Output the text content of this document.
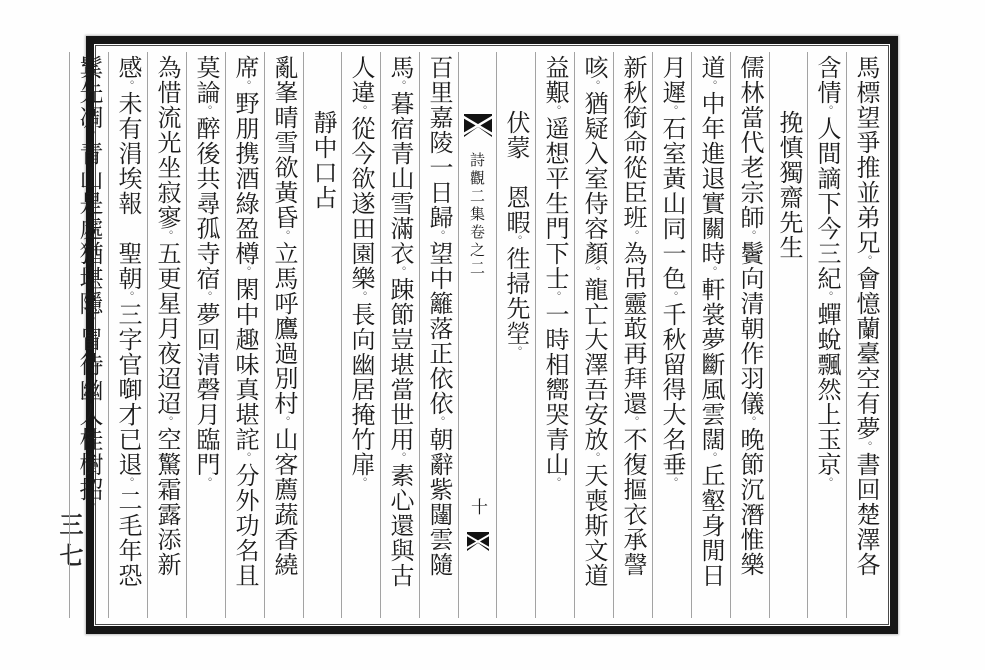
三七
馬標望爭推並弟兄。會憶蘭臺空有夢。書回楚澤各
含情。人間謫下今三紀。蟬蛻飄然上玉京。
挽慎獨齋先生
儒林當代老宗師。鬢向清朝作羽儀。晚節沉潛惟樂
道。中年進退實關時。軒裳夢斷風雲闊。丘壑身閒日
月遲。石室黃山同一色。千秋留得大名垂。
新秋銜命從臣班。為吊靈菆再拜還。不復摳衣承謦
咳。猶疑入室侍容顏。龍亡大澤吾安放。天喪斯文道
益艱。遥想平生門下士。一時相嚮哭青山。
伏蒙　恩暇。徃掃先塋。
詩觀二集卷之二
十
百里嘉陵一日歸。望中籬落正依依。朝辭紫闥雲隨
馬。暮宿青山雪滿衣。踈節豈堪當世用。素心還與古
人違。從今欲遂田園樂。長向幽居掩竹扉。
靜中口占
亂峯晴雪欲黃昏。立馬呼鷹過別村。山客薦蔬香繞
席。野朋携酒綠盈樽。閑中趣味真堪詫。分外功名且
莫論。醉後共尋孤寺宿。夢回清磬月臨門。
為惜流光坐寂寥。五更星月夜迢迢。空驚霜露添新
感。未有涓埃報　聖朝。三字官啣才已退。二毛年恐
鬂先凋。青山是處猶堪隱。冒待幽人桂樹招。
